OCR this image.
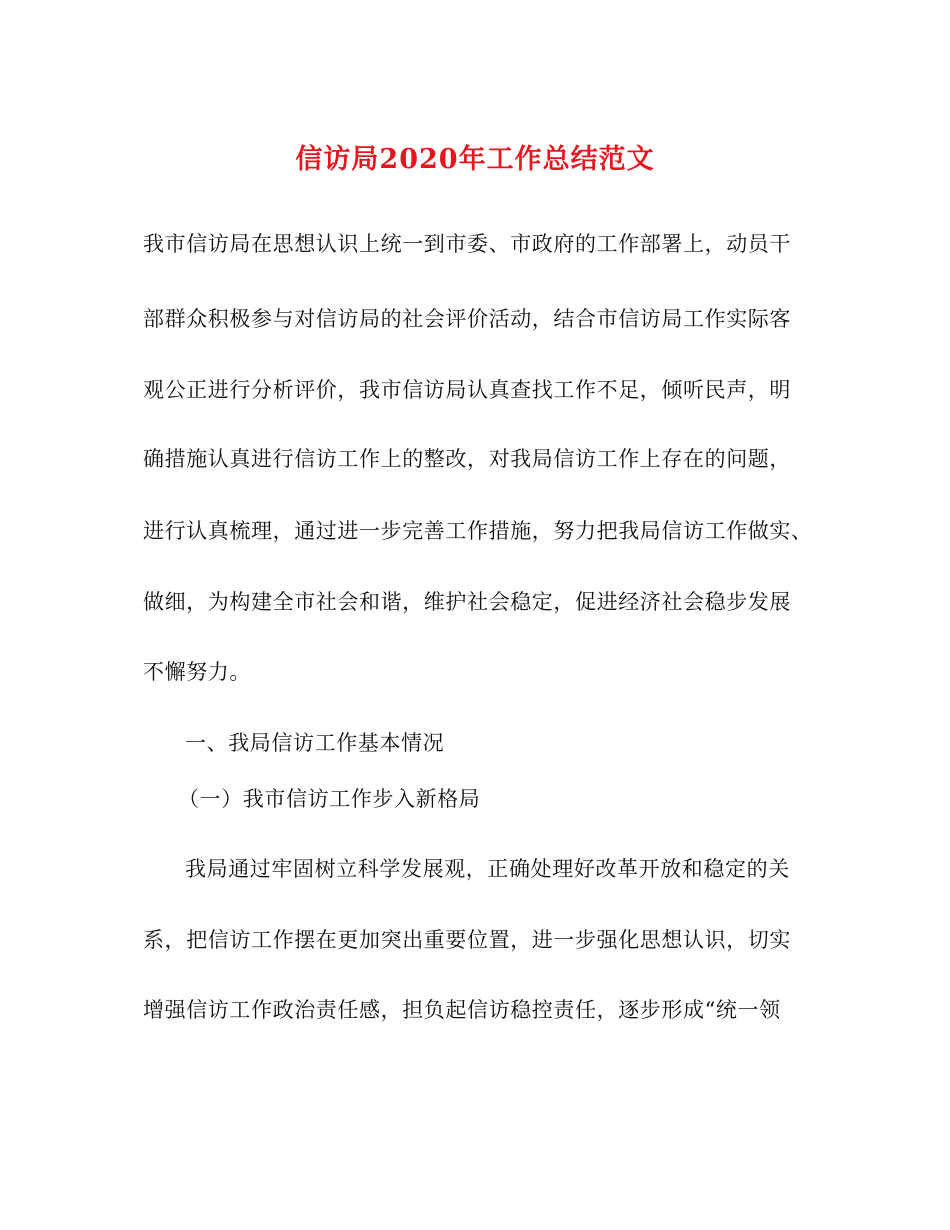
信访局2020年工作总结范文
我市信访局在思想认识上统一到市委、市政府的工作部署上，动员干
部群众积极参与对信访局的社会评价活动，结合市信访局工作实际客
观公正进行分析评价，我市信访局认真查找工作不足，倾听民声，明
确措施认真进行信访工作上的整改，对我局信访工作上存在的问题，
进行认真梳理，通过进一步完善工作措施，努力把我局信访工作做实、
做细，为构建全市社会和谐，维护社会稳定，促进经济社会稳步发展
不懈努力。
一、我局信访工作基本情况
（一）我市信访工作步入新格局
我局通过牢固树立科学发展观，正确处理好改革开放和稳定的关
系，把信访工作摆在更加突出重要位置，进一步强化思想认识，切实
增强信访工作政治责任感，担负起信访稳控责任，逐步形成“统一领
